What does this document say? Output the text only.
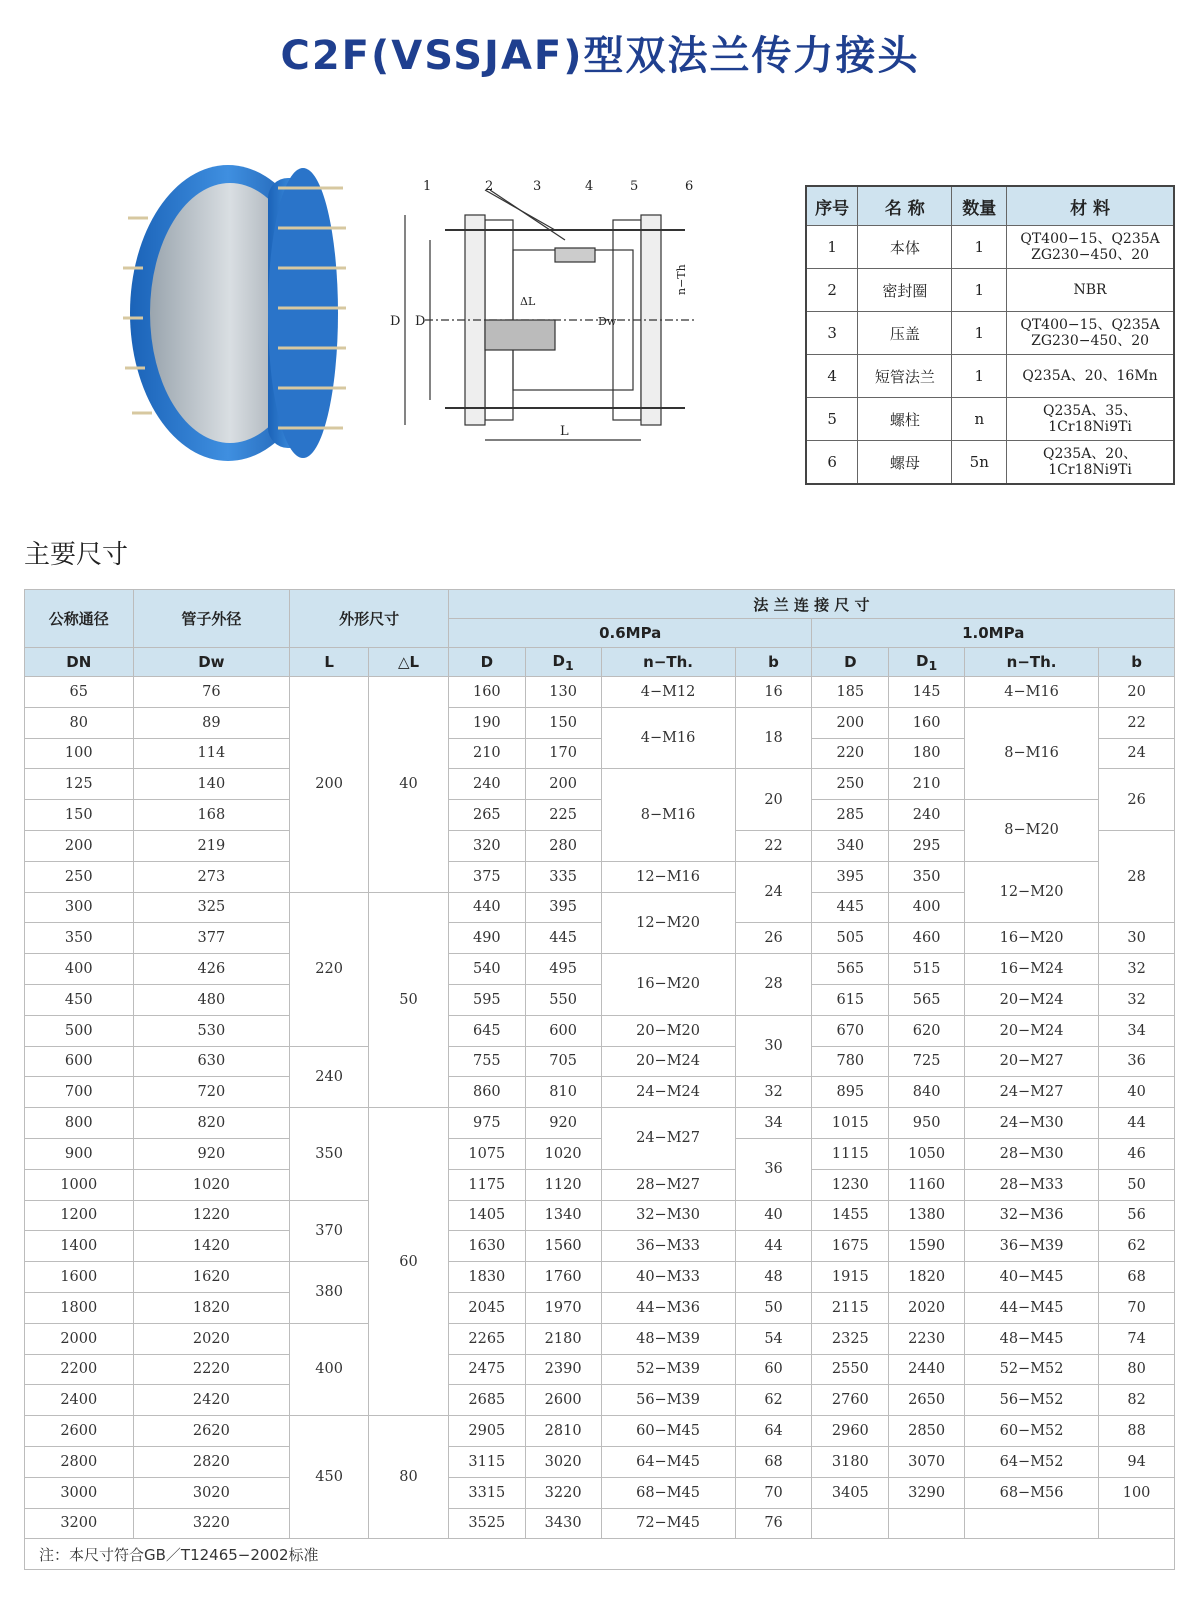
C2F(VSSJAF)型双法兰传力接头
1	2	3	4	5	6
D D
ΔL
Dw
L
n−Th
序号	名 称	数量	材 料
1	本体	1	QT400−15、Q235A
ZG230−450、20

2	密封圈	1	NBR

3	压盖	1	QT400−15、Q235A
ZG230−450、20

4	短管法兰	1	Q235A、20、16Mn

5	螺柱	n	Q235A、35、
1Cr18Ni9Ti

6	螺母	5n	Q235A、20、
1Cr18Ni9Ti
主要尺寸
公称通径	管子外径	外形尺寸		法 兰 连 接 尺 寸							
				0.6MPa				1.0MPa			
DN	Dw	L	△L	D	$D_1$	n−Th.	b	D	$D_1$	n−Th.	b
65	76	200	40	160	130	4−M12	16	185	145	4−M16	20
80	89			190	150	4−M16	18	200	160	8−M16	22
100	114			210	170			220	180		24
125	140			240	200	8−M16	20	250	210		26
150	168			265	225			285	240	8−M20	
200	219			320	280		22	340	295		28
250	273			375	335	12−M16	24	395	350	12−M20	
300	325	220	50	440	395	12−M20		445	400		
350	377			490	445		26	505	460	16−M20	30
400	426			540	495	16−M20	28	565	515	16−M24	32
450	480			595	550			615	565	20−M24	32
500	530			645	600	20−M20	30	670	620	20−M24	34
600	630	240		755	705	20−M24		780	725	20−M27	36
700	720			860	810	24−M24	32	895	840	24−M27	40
800	820	350	60	975	920	24−M27	34	1015	950	24−M30	44
900	920			1075	1020		36	1115	1050	28−M30	46
1000	1020			1175	1120	28−M27		1230	1160	28−M33	50
1200	1220	370		1405	1340	32−M30	40	1455	1380	32−M36	56
1400	1420			1630	1560	36−M33	44	1675	1590	36−M39	62
1600	1620	380		1830	1760	40−M33	48	1915	1820	40−M45	68
1800	1820			2045	1970	44−M36	50	2115	2020	44−M45	70
2000	2020	400		2265	2180	48−M39	54	2325	2230	48−M45	74
2200	2220			2475	2390	52−M39	60	2550	2440	52−M52	80
2400	2420			2685	2600	56−M39	62	2760	2650	56−M52	82
2600	2620	450	80	2905	2810	60−M45	64	2960	2850	60−M52	88
2800	2820			3115	3020	64−M45	68	3180	3070	64−M52	94
3000	3020			3315	3220	68−M45	70	3405	3290	68−M56	100
3200	3220			3525	3430	72−M45	76				
注：本尺寸符合GB／T12465−2002标准											
